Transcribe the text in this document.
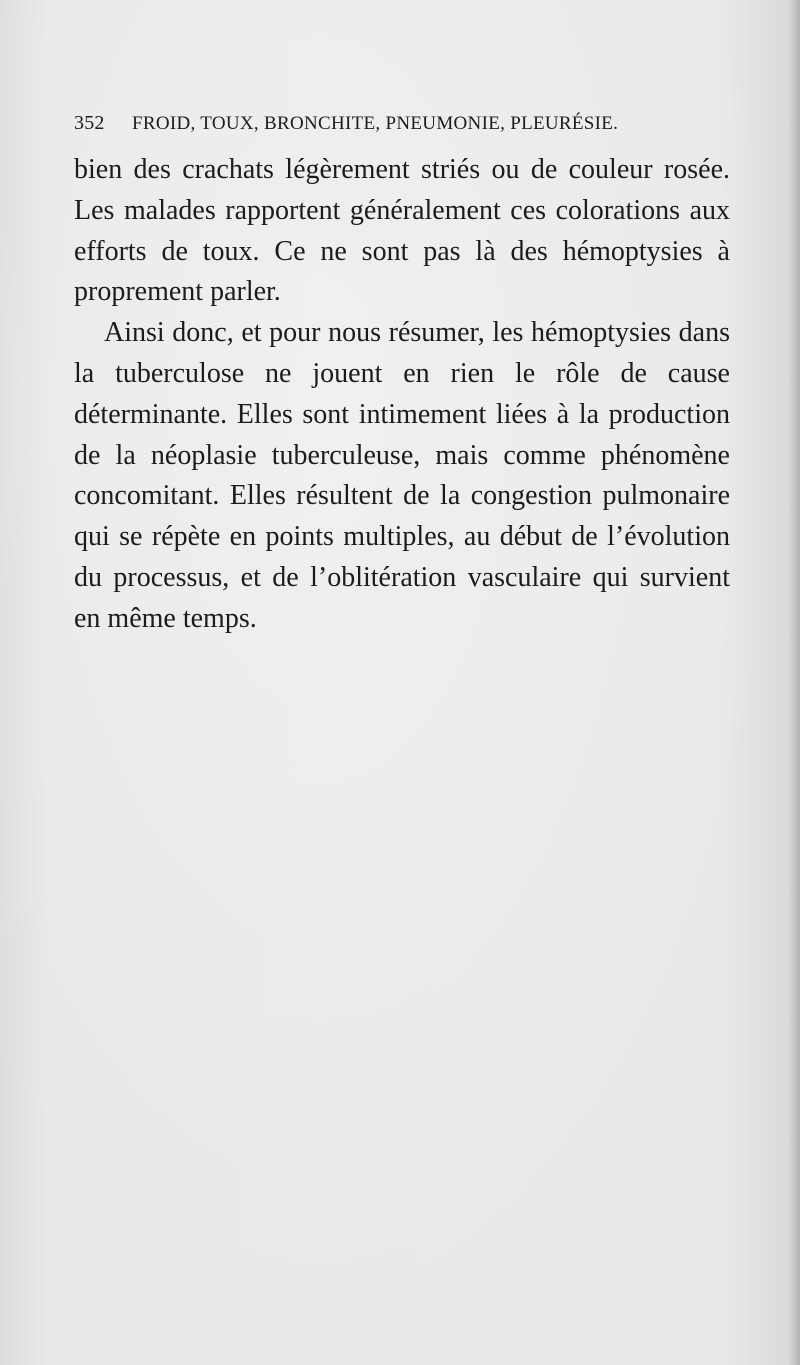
352	FROID, TOUX, BRONCHITE, PNEUMONIE, PLEURÉSIE.

bien des crachats légèrement striés ou de couleur rosée. Les malades rapportent généralement ces colorations aux efforts de toux. Ce ne sont pas là des hémoptysies à proprement parler.

Ainsi donc, et pour nous résumer, les hémoptysies dans la tuberculose ne jouent en rien le rôle de cause déterminante. Elles sont intimement liées à la production de la néoplasie tuberculeuse, mais comme phénomène concomitant. Elles résultent de la congestion pulmonaire qui se répète en points multiples, au début de l’évolution du processus, et de l’oblitération vasculaire qui survient en même temps.
